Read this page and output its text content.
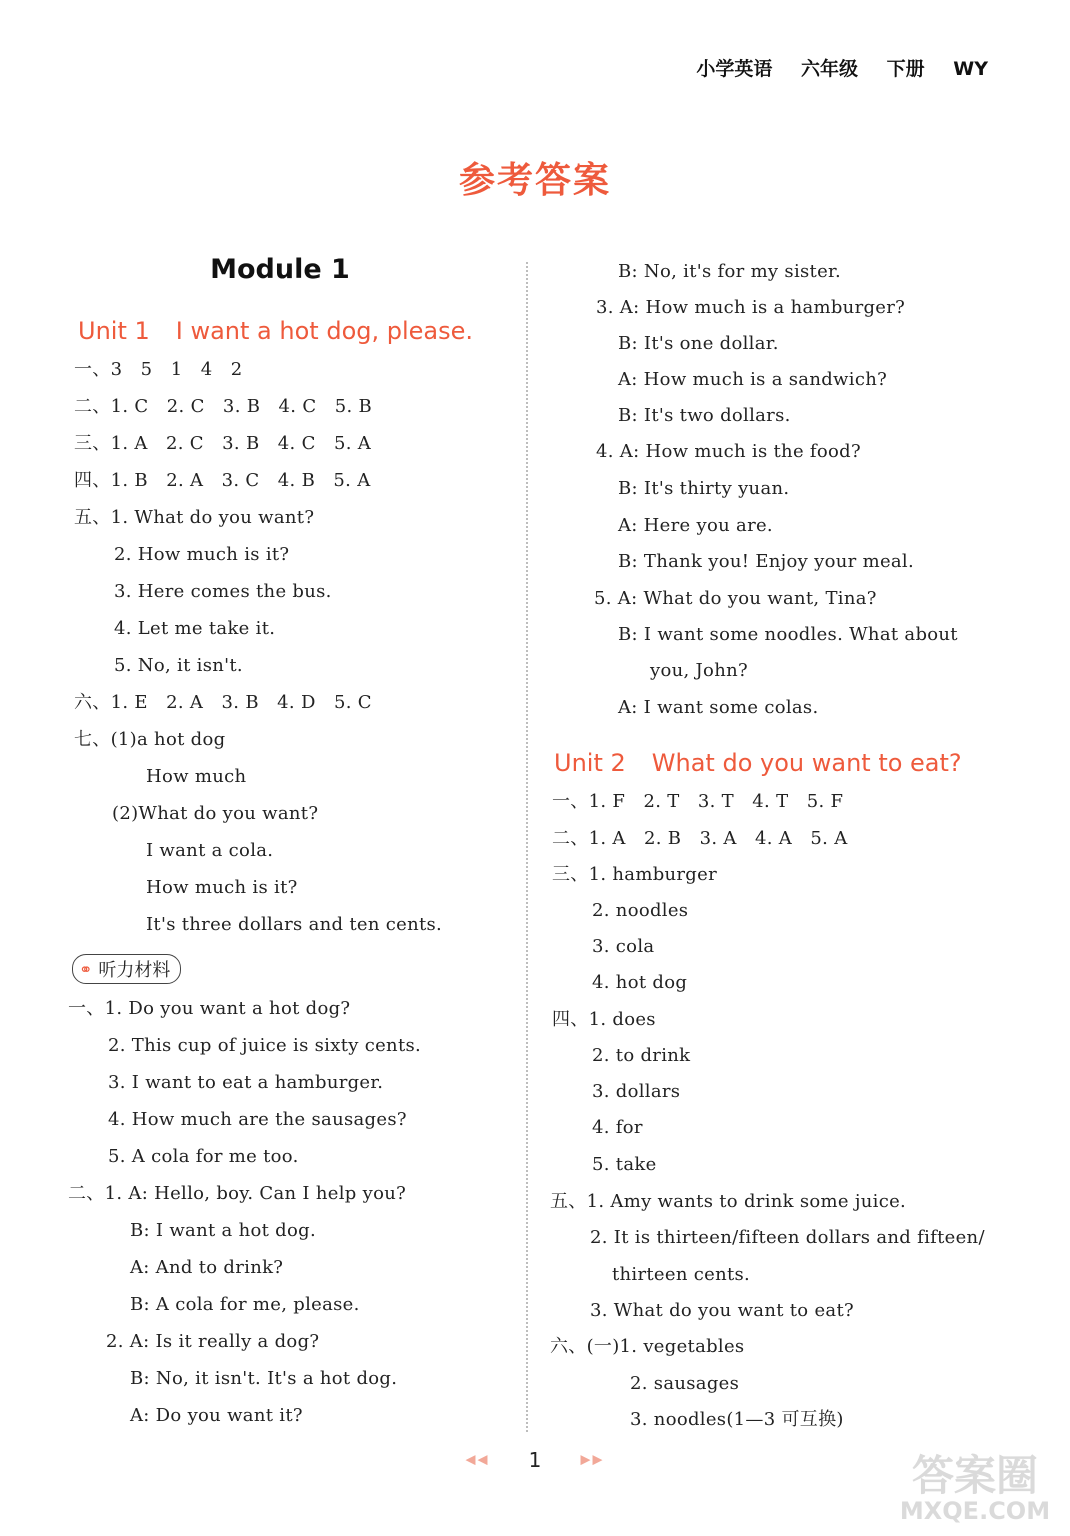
小学英语 六年级 下册 WY
参考答案
Module 1
Unit 1 I want a hot dog, please.
一、3　5　1　4　2
二、1. C　2. C　3. B　4. C　5. B
三、1. A　2. C　3. B　4. C　5. A
四、1. B　2. A　3. C　4. B　5. A
五、1. What do you want?
2. How much is it?
3. Here comes the bus.
4. Let me take it.
5. No, it isn't.
六、1. E　2. A　3. B　4. D　5. C
七、(1)a hot dog
How much
(2)What do you want?
I want a cola.
How much is it?
It's three dollars and ten cents.
⚭ 听力材料
一、1. Do you want a hot dog?
2. This cup of juice is sixty cents.
3. I want to eat a hamburger.
4. How much are the sausages?
5. A cola for me too.
二、1. A: Hello, boy. Can I help you?
B: I want a hot dog.
A: And to drink?
B: A cola for me, please.
2. A: Is it really a dog?
B: No, it isn't. It's a hot dog.
A: Do you want it?
B: No, it's for my sister.
3. A: How much is a hamburger?
B: It's one dollar.
A: How much is a sandwich?
B: It's two dollars.
4. A: How much is the food?
B: It's thirty yuan.
A: Here you are.
B: Thank you! Enjoy your meal.
5. A: What do you want, Tina?
B: I want some noodles. What about
you, John?
A: I want some colas.
Unit 2 What do you want to eat?
一、1. F　2. T　3. T　4. T　5. F
二、1. A　2. B　3. A　4. A　5. A
三、1. hamburger
2. noodles
3. cola
4. hot dog
四、1. does
2. to drink
3. dollars
4. for
5. take
五、1. Amy wants to drink some juice.
2. It is thirteen/fifteen dollars and fifteen/
thirteen cents.
3. What do you want to eat?
六、(一)1. vegetables
2. sausages
3. noodles(1—3 可互换)
◀◀ 1	▶▶	答案圈
MXQE.COM
